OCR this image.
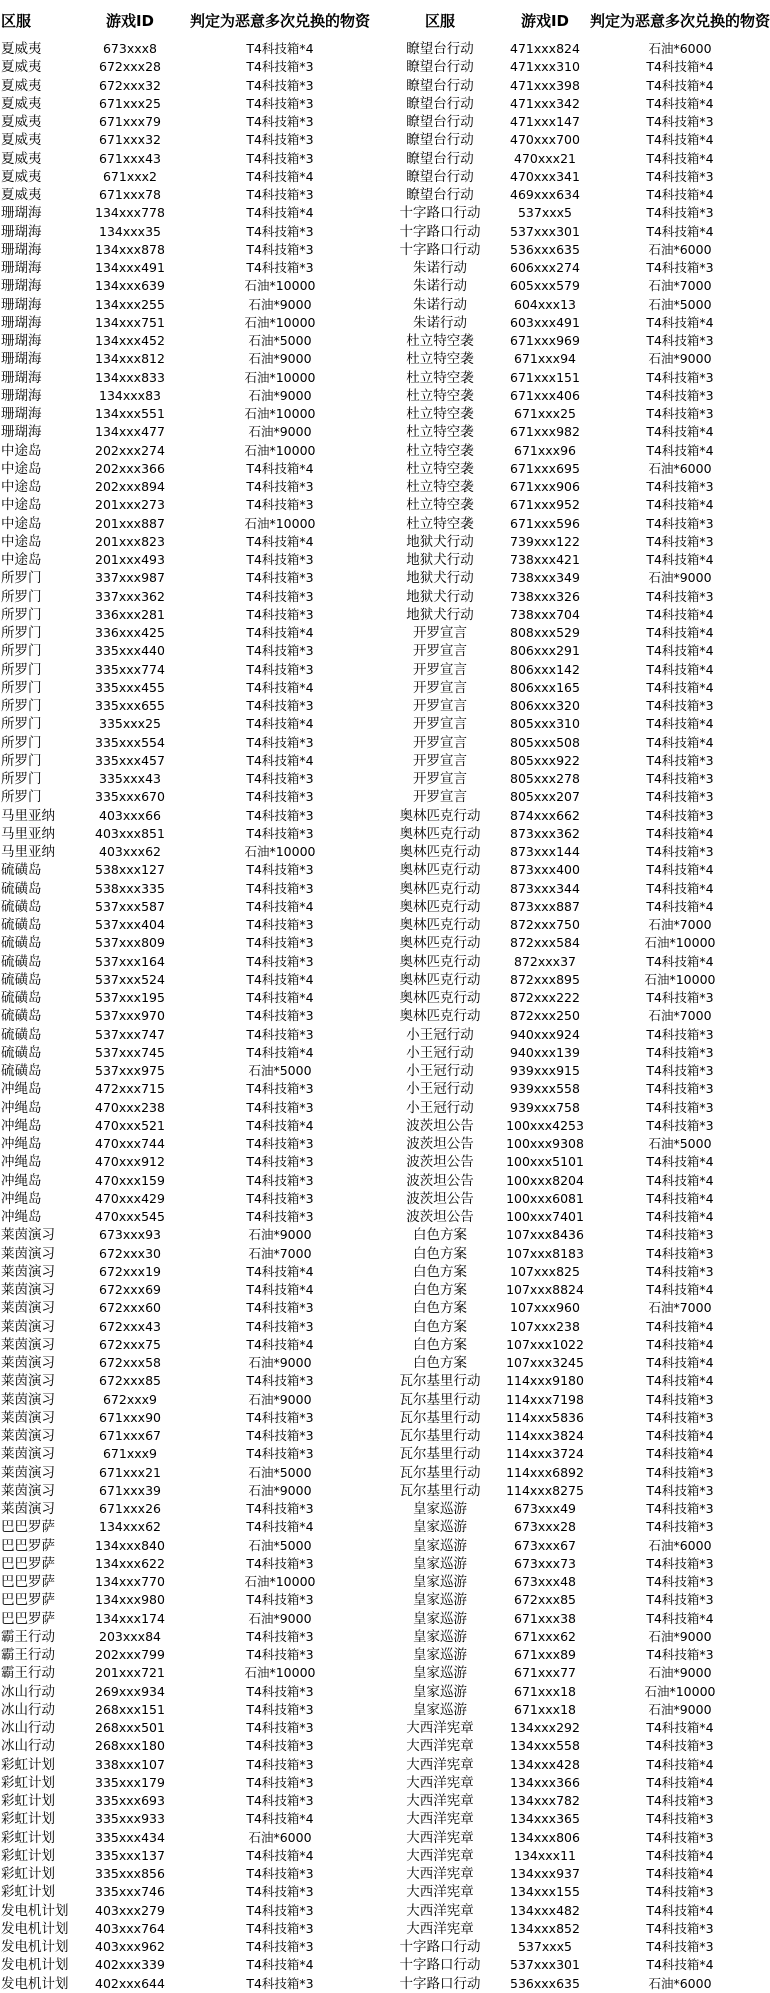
区服	游戏ID	判定为恶意多次兑换的物资	区服	游戏ID	判定为恶意多次兑换的物资
夏威夷	673xxx8	T4科技箱*4	瞭望台行动	471xxx824	石油*6000
夏威夷	672xxx28	T4科技箱*3	瞭望台行动	471xxx310	T4科技箱*4
夏威夷	672xxx32	T4科技箱*3	瞭望台行动	471xxx398	T4科技箱*4
夏威夷	671xxx25	T4科技箱*3	瞭望台行动	471xxx342	T4科技箱*4
夏威夷	671xxx79	T4科技箱*3	瞭望台行动	471xxx147	T4科技箱*3
夏威夷	671xxx32	T4科技箱*3	瞭望台行动	470xxx700	T4科技箱*4
夏威夷	671xxx43	T4科技箱*3	瞭望台行动	470xxx21	T4科技箱*4
夏威夷	671xxx2	T4科技箱*4	瞭望台行动	470xxx341	T4科技箱*3
夏威夷	671xxx78	T4科技箱*3	瞭望台行动	469xxx634	T4科技箱*4
珊瑚海	134xxx778	T4科技箱*4	十字路口行动	537xxx5	T4科技箱*3
珊瑚海	134xxx35	T4科技箱*3	十字路口行动	537xxx301	T4科技箱*4
珊瑚海	134xxx878	T4科技箱*3	十字路口行动	536xxx635	石油*6000
珊瑚海	134xxx491	T4科技箱*3	朱诺行动	606xxx274	T4科技箱*3
珊瑚海	134xxx639	石油*10000	朱诺行动	605xxx579	石油*7000
珊瑚海	134xxx255	石油*9000	朱诺行动	604xxx13	石油*5000
珊瑚海	134xxx751	石油*10000	朱诺行动	603xxx491	T4科技箱*4
珊瑚海	134xxx452	石油*5000	杜立特空袭	671xxx969	T4科技箱*3
珊瑚海	134xxx812	石油*9000	杜立特空袭	671xxx94	石油*9000
珊瑚海	134xxx833	石油*10000	杜立特空袭	671xxx151	T4科技箱*3
珊瑚海	134xxx83	石油*9000	杜立特空袭	671xxx406	T4科技箱*3
珊瑚海	134xxx551	石油*10000	杜立特空袭	671xxx25	T4科技箱*3
珊瑚海	134xxx477	石油*9000	杜立特空袭	671xxx982	T4科技箱*4
中途岛	202xxx274	石油*10000	杜立特空袭	671xxx96	T4科技箱*4
中途岛	202xxx366	T4科技箱*4	杜立特空袭	671xxx695	石油*6000
中途岛	202xxx894	T4科技箱*3	杜立特空袭	671xxx906	T4科技箱*3
中途岛	201xxx273	T4科技箱*3	杜立特空袭	671xxx952	T4科技箱*4
中途岛	201xxx887	石油*10000	杜立特空袭	671xxx596	T4科技箱*3
中途岛	201xxx823	T4科技箱*4	地狱犬行动	739xxx122	T4科技箱*3
中途岛	201xxx493	T4科技箱*3	地狱犬行动	738xxx421	T4科技箱*4
所罗门	337xxx987	T4科技箱*3	地狱犬行动	738xxx349	石油*9000
所罗门	337xxx362	T4科技箱*3	地狱犬行动	738xxx326	T4科技箱*3
所罗门	336xxx281	T4科技箱*3	地狱犬行动	738xxx704	T4科技箱*4
所罗门	336xxx425	T4科技箱*4	开罗宣言	808xxx529	T4科技箱*4
所罗门	335xxx440	T4科技箱*3	开罗宣言	806xxx291	T4科技箱*4
所罗门	335xxx774	T4科技箱*3	开罗宣言	806xxx142	T4科技箱*4
所罗门	335xxx455	T4科技箱*4	开罗宣言	806xxx165	T4科技箱*4
所罗门	335xxx655	T4科技箱*3	开罗宣言	806xxx320	T4科技箱*3
所罗门	335xxx25	T4科技箱*4	开罗宣言	805xxx310	T4科技箱*4
所罗门	335xxx554	T4科技箱*3	开罗宣言	805xxx508	T4科技箱*4
所罗门	335xxx457	T4科技箱*4	开罗宣言	805xxx922	T4科技箱*3
所罗门	335xxx43	T4科技箱*3	开罗宣言	805xxx278	T4科技箱*3
所罗门	335xxx670	T4科技箱*3	开罗宣言	805xxx207	T4科技箱*3
马里亚纳	403xxx66	T4科技箱*3	奥林匹克行动	874xxx662	T4科技箱*3
马里亚纳	403xxx851	T4科技箱*3	奥林匹克行动	873xxx362	T4科技箱*4
马里亚纳	403xxx62	石油*10000	奥林匹克行动	873xxx144	T4科技箱*3
硫磺岛	538xxx127	T4科技箱*3	奥林匹克行动	873xxx400	T4科技箱*4
硫磺岛	538xxx335	T4科技箱*3	奥林匹克行动	873xxx344	T4科技箱*4
硫磺岛	537xxx587	T4科技箱*4	奥林匹克行动	873xxx887	T4科技箱*4
硫磺岛	537xxx404	T4科技箱*3	奥林匹克行动	872xxx750	石油*7000
硫磺岛	537xxx809	T4科技箱*3	奥林匹克行动	872xxx584	石油*10000
硫磺岛	537xxx164	T4科技箱*3	奥林匹克行动	872xxx37	T4科技箱*4
硫磺岛	537xxx524	T4科技箱*4	奥林匹克行动	872xxx895	石油*10000
硫磺岛	537xxx195	T4科技箱*4	奥林匹克行动	872xxx222	T4科技箱*3
硫磺岛	537xxx970	T4科技箱*3	奥林匹克行动	872xxx250	石油*7000
硫磺岛	537xxx747	T4科技箱*3	小王冠行动	940xxx924	T4科技箱*3
硫磺岛	537xxx745	T4科技箱*4	小王冠行动	940xxx139	T4科技箱*3
硫磺岛	537xxx975	石油*5000	小王冠行动	939xxx915	T4科技箱*3
冲绳岛	472xxx715	T4科技箱*3	小王冠行动	939xxx558	T4科技箱*3
冲绳岛	470xxx238	T4科技箱*3	小王冠行动	939xxx758	T4科技箱*3
冲绳岛	470xxx521	T4科技箱*4	波茨坦公告	100xxx4253	T4科技箱*3
冲绳岛	470xxx744	T4科技箱*3	波茨坦公告	100xxx9308	石油*5000
冲绳岛	470xxx912	T4科技箱*3	波茨坦公告	100xxx5101	T4科技箱*4
冲绳岛	470xxx159	T4科技箱*3	波茨坦公告	100xxx8204	T4科技箱*4
冲绳岛	470xxx429	T4科技箱*3	波茨坦公告	100xxx6081	T4科技箱*4
冲绳岛	470xxx545	T4科技箱*3	波茨坦公告	100xxx7401	T4科技箱*4
莱茵演习	673xxx93	石油*9000	白色方案	107xxx8436	T4科技箱*3
莱茵演习	672xxx30	石油*7000	白色方案	107xxx8183	T4科技箱*3
莱茵演习	672xxx19	T4科技箱*4	白色方案	107xxx825	T4科技箱*3
莱茵演习	672xxx69	T4科技箱*4	白色方案	107xxx8824	T4科技箱*4
莱茵演习	672xxx60	T4科技箱*3	白色方案	107xxx960	石油*7000
莱茵演习	672xxx43	T4科技箱*3	白色方案	107xxx238	T4科技箱*4
莱茵演习	672xxx75	T4科技箱*4	白色方案	107xxx1022	T4科技箱*4
莱茵演习	672xxx58	石油*9000	白色方案	107xxx3245	T4科技箱*4
莱茵演习	672xxx85	T4科技箱*3	瓦尔基里行动	114xxx9180	T4科技箱*4
莱茵演习	672xxx9	石油*9000	瓦尔基里行动	114xxx7198	T4科技箱*3
莱茵演习	671xxx90	T4科技箱*3	瓦尔基里行动	114xxx5836	T4科技箱*3
莱茵演习	671xxx67	T4科技箱*3	瓦尔基里行动	114xxx3824	T4科技箱*4
莱茵演习	671xxx9	T4科技箱*3	瓦尔基里行动	114xxx3724	T4科技箱*4
莱茵演习	671xxx21	石油*5000	瓦尔基里行动	114xxx6892	T4科技箱*3
莱茵演习	671xxx39	石油*9000	瓦尔基里行动	114xxx8275	T4科技箱*3
莱茵演习	671xxx26	T4科技箱*3	皇家巡游	673xxx49	T4科技箱*3
巴巴罗萨	134xxx62	T4科技箱*4	皇家巡游	673xxx28	T4科技箱*3
巴巴罗萨	134xxx840	石油*5000	皇家巡游	673xxx67	石油*6000
巴巴罗萨	134xxx622	T4科技箱*3	皇家巡游	673xxx73	T4科技箱*3
巴巴罗萨	134xxx770	石油*10000	皇家巡游	673xxx48	T4科技箱*3
巴巴罗萨	134xxx980	T4科技箱*3	皇家巡游	672xxx85	T4科技箱*3
巴巴罗萨	134xxx174	石油*9000	皇家巡游	671xxx38	T4科技箱*4
霸王行动	203xxx84	T4科技箱*3	皇家巡游	671xxx62	石油*9000
霸王行动	202xxx799	T4科技箱*3	皇家巡游	671xxx89	T4科技箱*3
霸王行动	201xxx721	石油*10000	皇家巡游	671xxx77	石油*9000
冰山行动	269xxx934	T4科技箱*3	皇家巡游	671xxx18	石油*10000
冰山行动	268xxx151	T4科技箱*3	皇家巡游	671xxx18	石油*9000
冰山行动	268xxx501	T4科技箱*3	大西洋宪章	134xxx292	T4科技箱*4
冰山行动	268xxx180	T4科技箱*3	大西洋宪章	134xxx558	T4科技箱*3
彩虹计划	338xxx107	T4科技箱*3	大西洋宪章	134xxx428	T4科技箱*4
彩虹计划	335xxx179	T4科技箱*3	大西洋宪章	134xxx366	T4科技箱*4
彩虹计划	335xxx693	T4科技箱*3	大西洋宪章	134xxx782	T4科技箱*3
彩虹计划	335xxx933	T4科技箱*4	大西洋宪章	134xxx365	T4科技箱*3
彩虹计划	335xxx434	石油*6000	大西洋宪章	134xxx806	T4科技箱*3
彩虹计划	335xxx137	T4科技箱*4	大西洋宪章	134xxx11	T4科技箱*4
彩虹计划	335xxx856	T4科技箱*3	大西洋宪章	134xxx937	T4科技箱*4
彩虹计划	335xxx746	T4科技箱*3	大西洋宪章	134xxx155	T4科技箱*3
发电机计划	403xxx279	T4科技箱*3	大西洋宪章	134xxx482	T4科技箱*4
发电机计划	403xxx764	T4科技箱*3	大西洋宪章	134xxx852	T4科技箱*3
发电机计划	403xxx962	T4科技箱*3	十字路口行动	537xxx5	T4科技箱*3
发电机计划	402xxx339	T4科技箱*4	十字路口行动	537xxx301	T4科技箱*4
发电机计划	402xxx644	T4科技箱*3	十字路口行动	536xxx635	石油*6000
